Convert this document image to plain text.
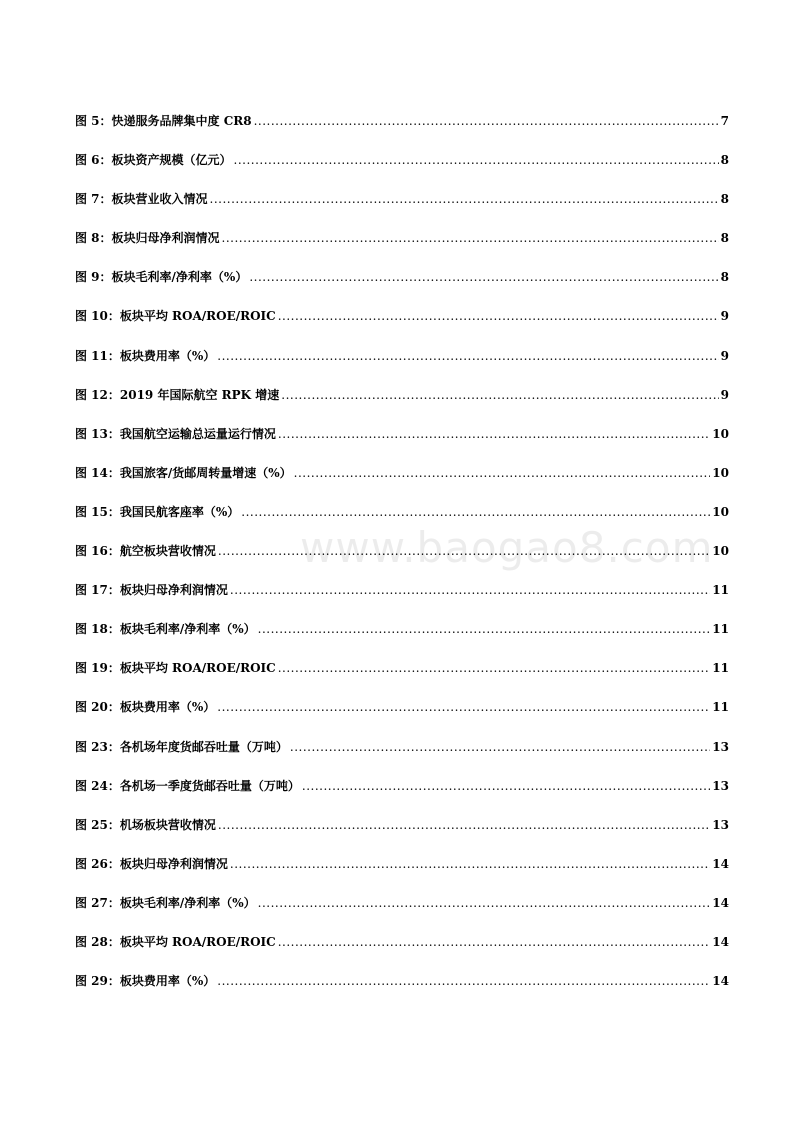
图 5：快递服务品牌集中度 CR8 .....	7
图 6：板块资产规模（亿元） .....	8
图 7：板块营业收入情况 .....	8
图 8：板块归母净利润情况 .....	8
图 9：板块毛利率/净利率（%） .....	8
图 10：板块平均 ROA/ROE/ROIC .....	9
图 11：板块费用率（%） .....	9
图 12：2019 年国际航空 RPK 增速 .....	9
图 13：我国航空运输总运量运行情况 .....	10
图 14：我国旅客/货邮周转量增速（%） .....	10
图 15：我国民航客座率（%） .....	10
图 16：航空板块营收情况 .....	10
图 17：板块归母净利润情况 .....	11
图 18：板块毛利率/净利率（%） .....	11
图 19：板块平均 ROA/ROE/ROIC .....	11
图 20：板块费用率（%） .....	11
图 23：各机场年度货邮吞吐量（万吨） .....	13
图 24：各机场一季度货邮吞吐量（万吨） .....	13
图 25：机场板块营收情况 .....	13
图 26：板块归母净利润情况 .....	14
图 27：板块毛利率/净利率（%） .....	14
图 28：板块平均 ROA/ROE/ROIC .....	14
图 29：板块费用率（%） .....	14
www.baogao8.com
